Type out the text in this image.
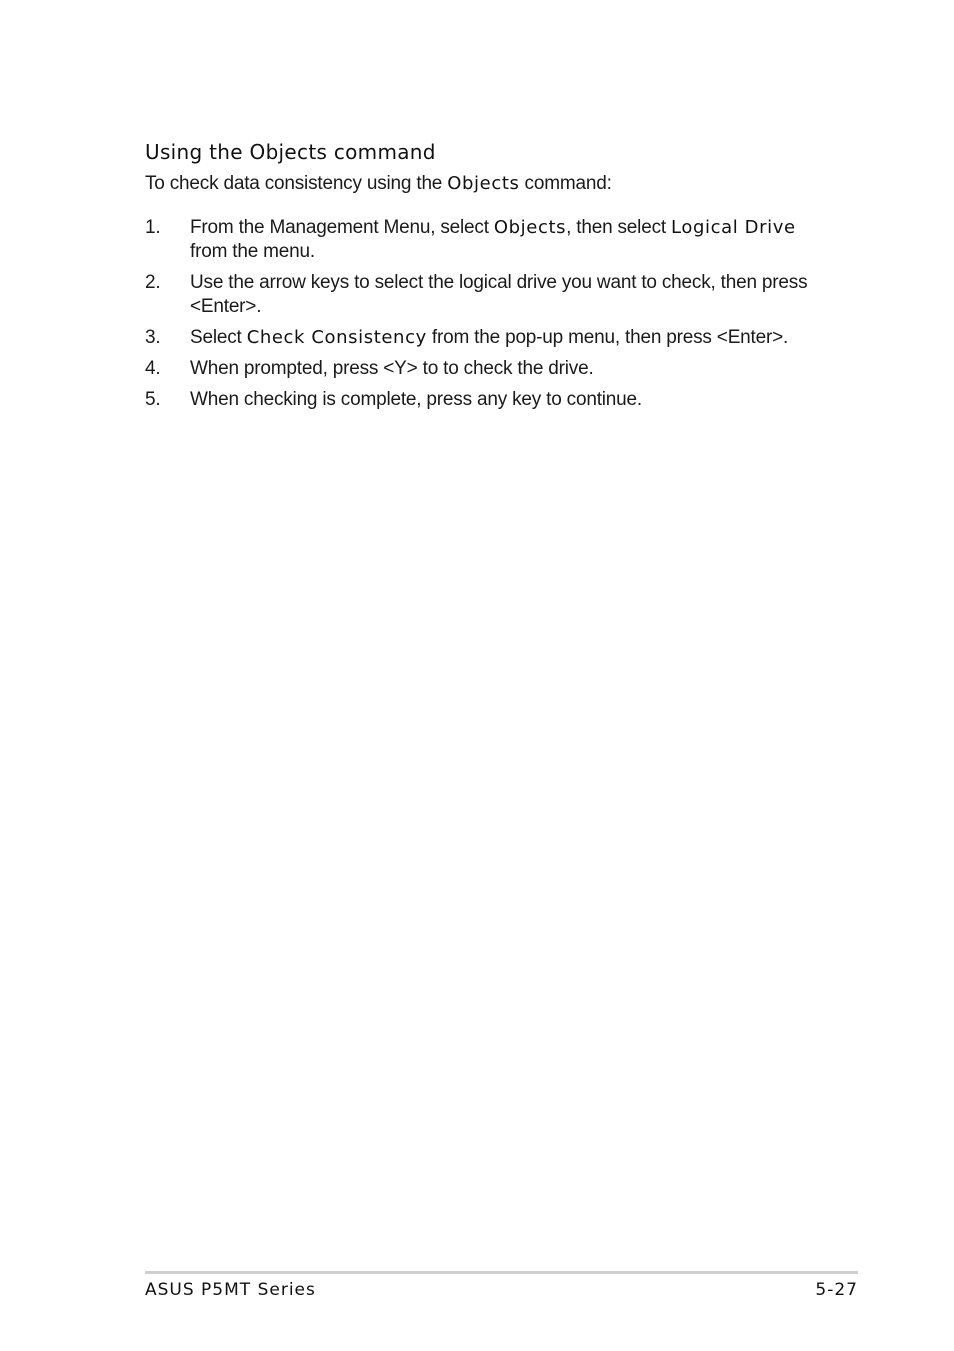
Using the Objects command
To check data consistency using the Objects command:
1. From the Management Menu, select Objects, then select Logical Drive from the menu.
2. Use the arrow keys to select the logical drive you want to check, then press <Enter>.
3. Select Check Consistency from the pop-up menu, then press <Enter>.
4. When prompted, press <Y> to to check the drive.
5. When checking is complete, press any key to continue.
ASUS P5MT Series	5-27
